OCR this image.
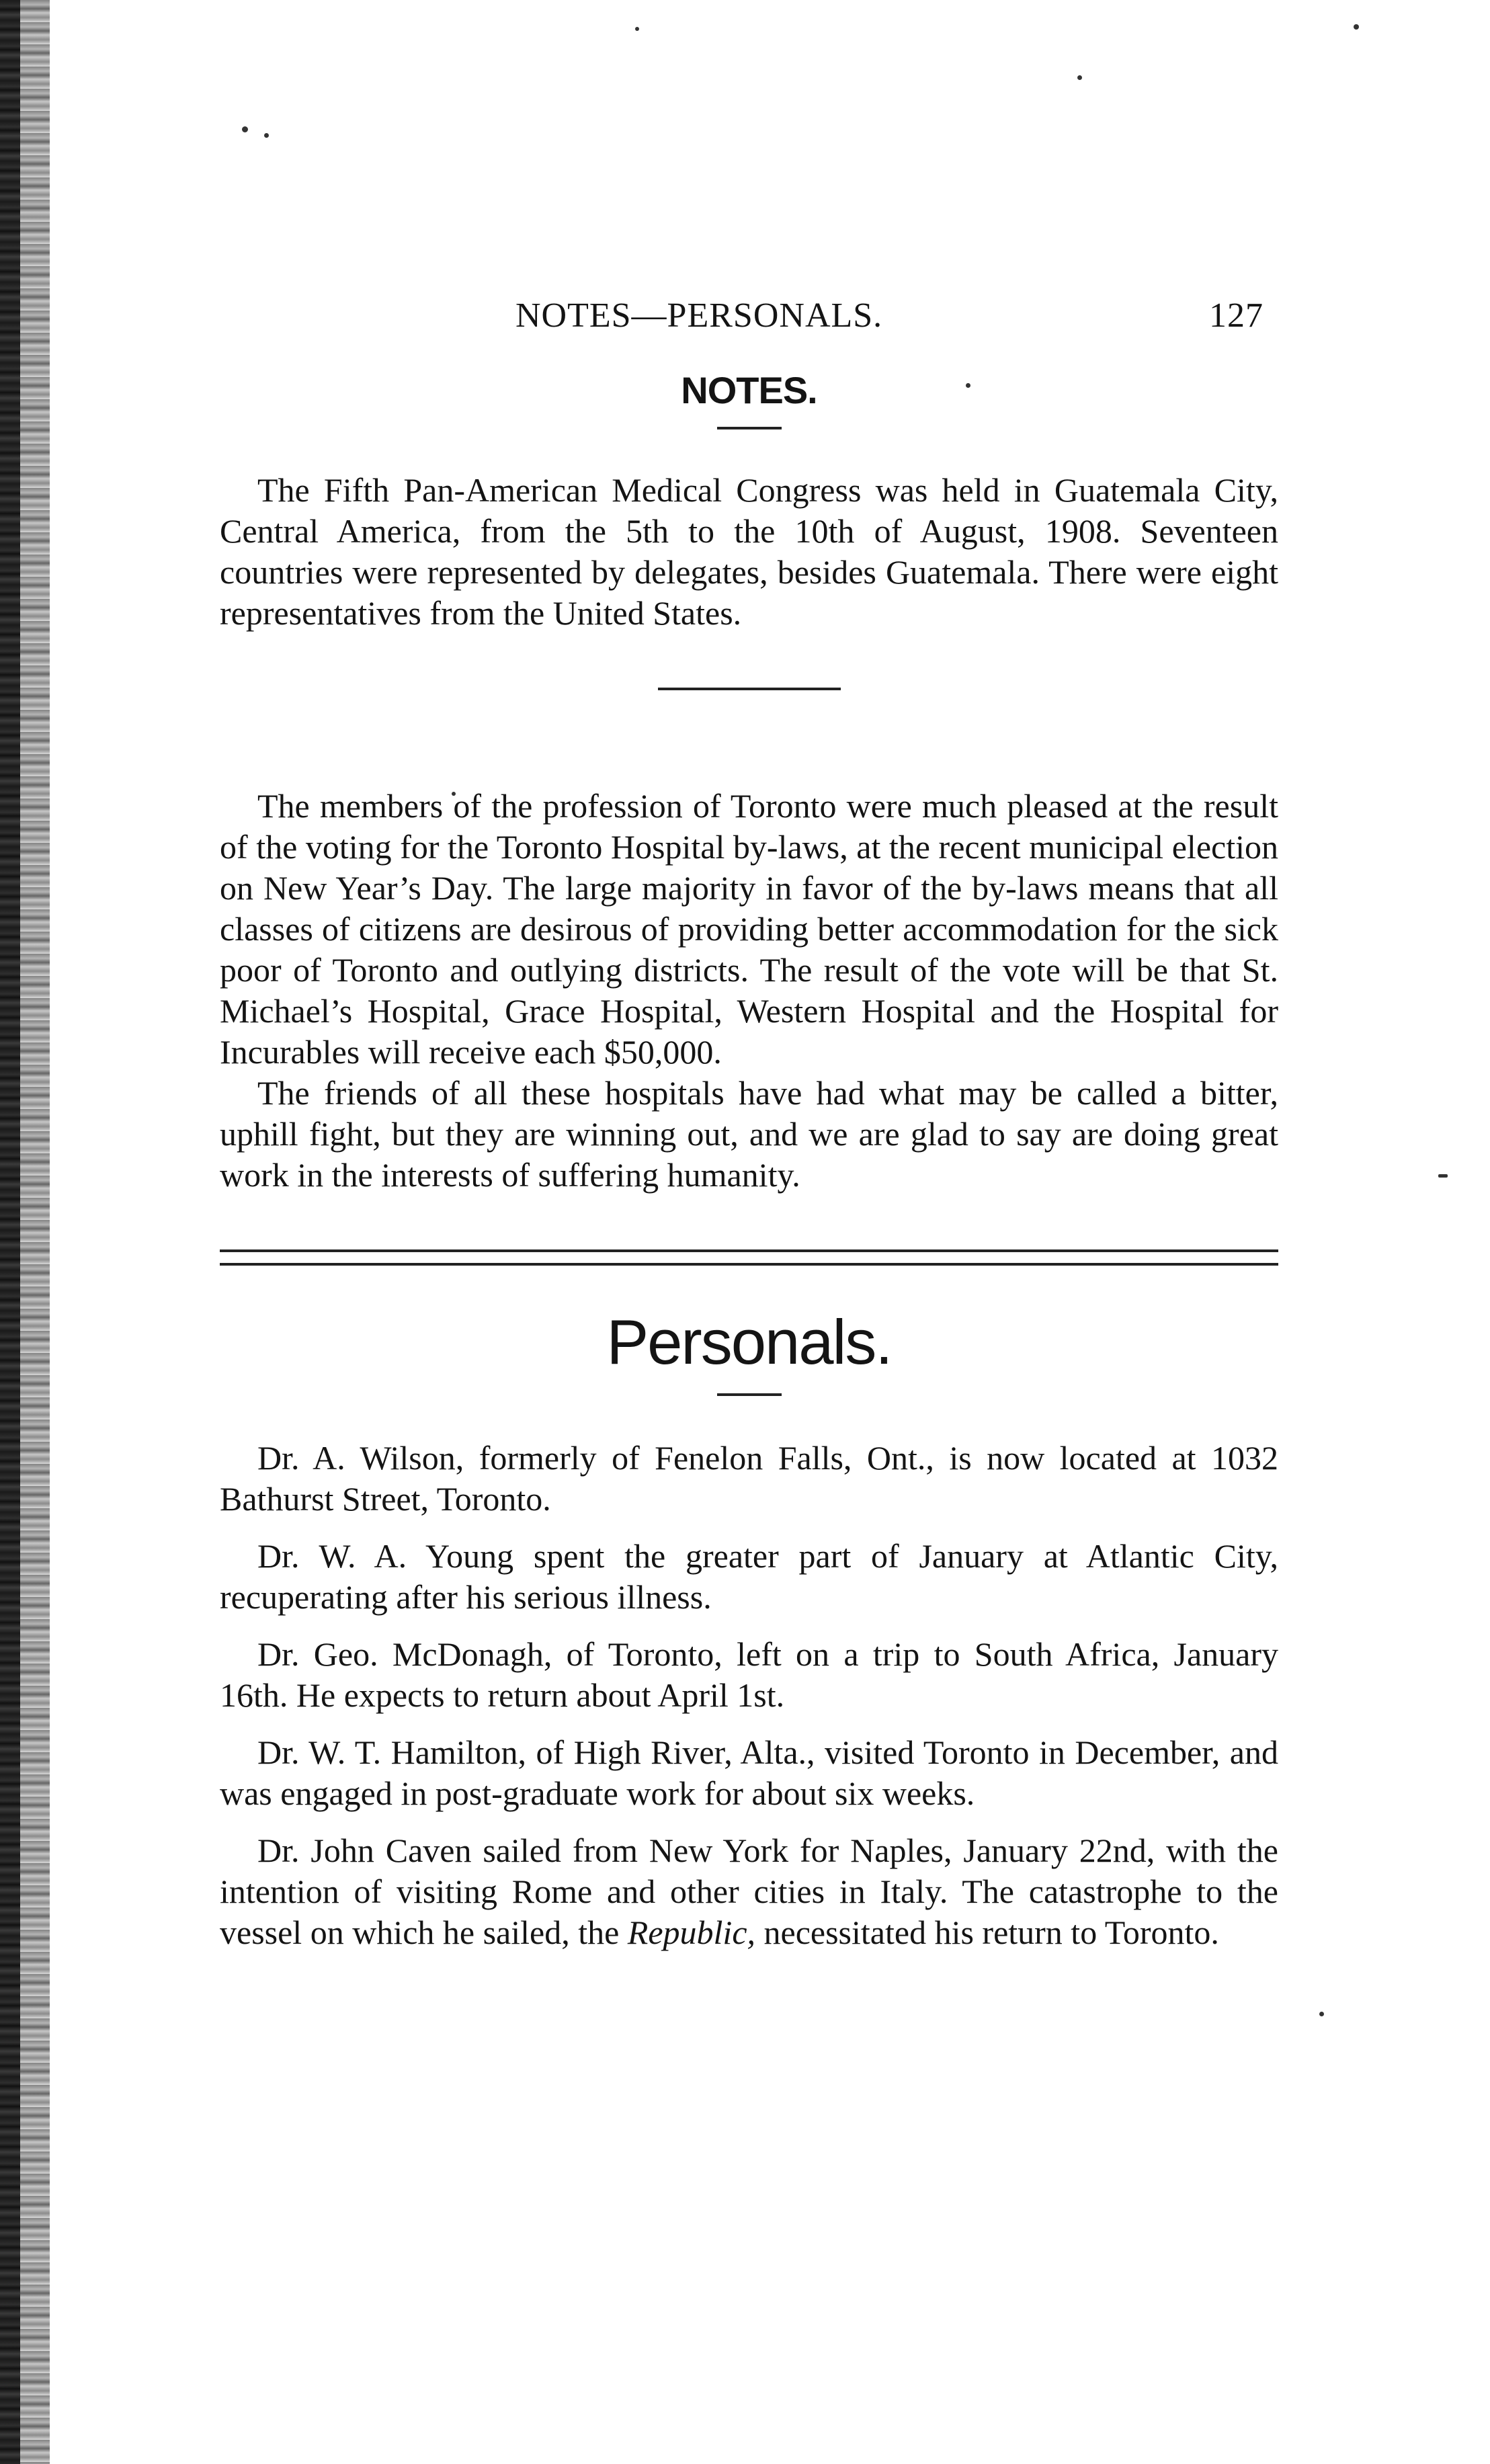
NOTES—PERSONALS.	127
NOTES.

The Fifth Pan-American Medical Congress was held in Guatemala City, Central America, from the 5th to the 10th of August, 1908. Seventeen countries were represented by delegates, besides Guatemala. There were eight representatives from the United States.

The members of the profession of Toronto were much pleased at the result of the voting for the Toronto Hospital by-laws, at the recent municipal election on New Year’s Day. The large majority in favor of the by-laws means that all classes of citizens are desirous of providing better accommodation for the sick poor of Toronto and outlying districts. The result of the vote will be that St. Michael’s Hospital, Grace Hospital, Western Hospital and the Hospital for Incurables will receive each $50,000.

The friends of all these hospitals have had what may be called a bitter, uphill fight, but they are winning out, and we are glad to say are doing great work in the interests of suffering humanity.

Personals.

Dr. A. Wilson, formerly of Fenelon Falls, Ont., is now located at 1032 Bathurst Street, Toronto.

Dr. W. A. Young spent the greater part of January at Atlantic City, recuperating after his serious illness.

Dr. Geo. McDonagh, of Toronto, left on a trip to South Africa, January 16th. He expects to return about April 1st.

Dr. W. T. Hamilton, of High River, Alta., visited Toronto in December, and was engaged in post-graduate work for about six weeks.

Dr. John Caven sailed from New York for Naples, January 22nd, with the intention of visiting Rome and other cities in Italy. The catastrophe to the vessel on which he sailed, the Republic, necessitated his return to Toronto.
